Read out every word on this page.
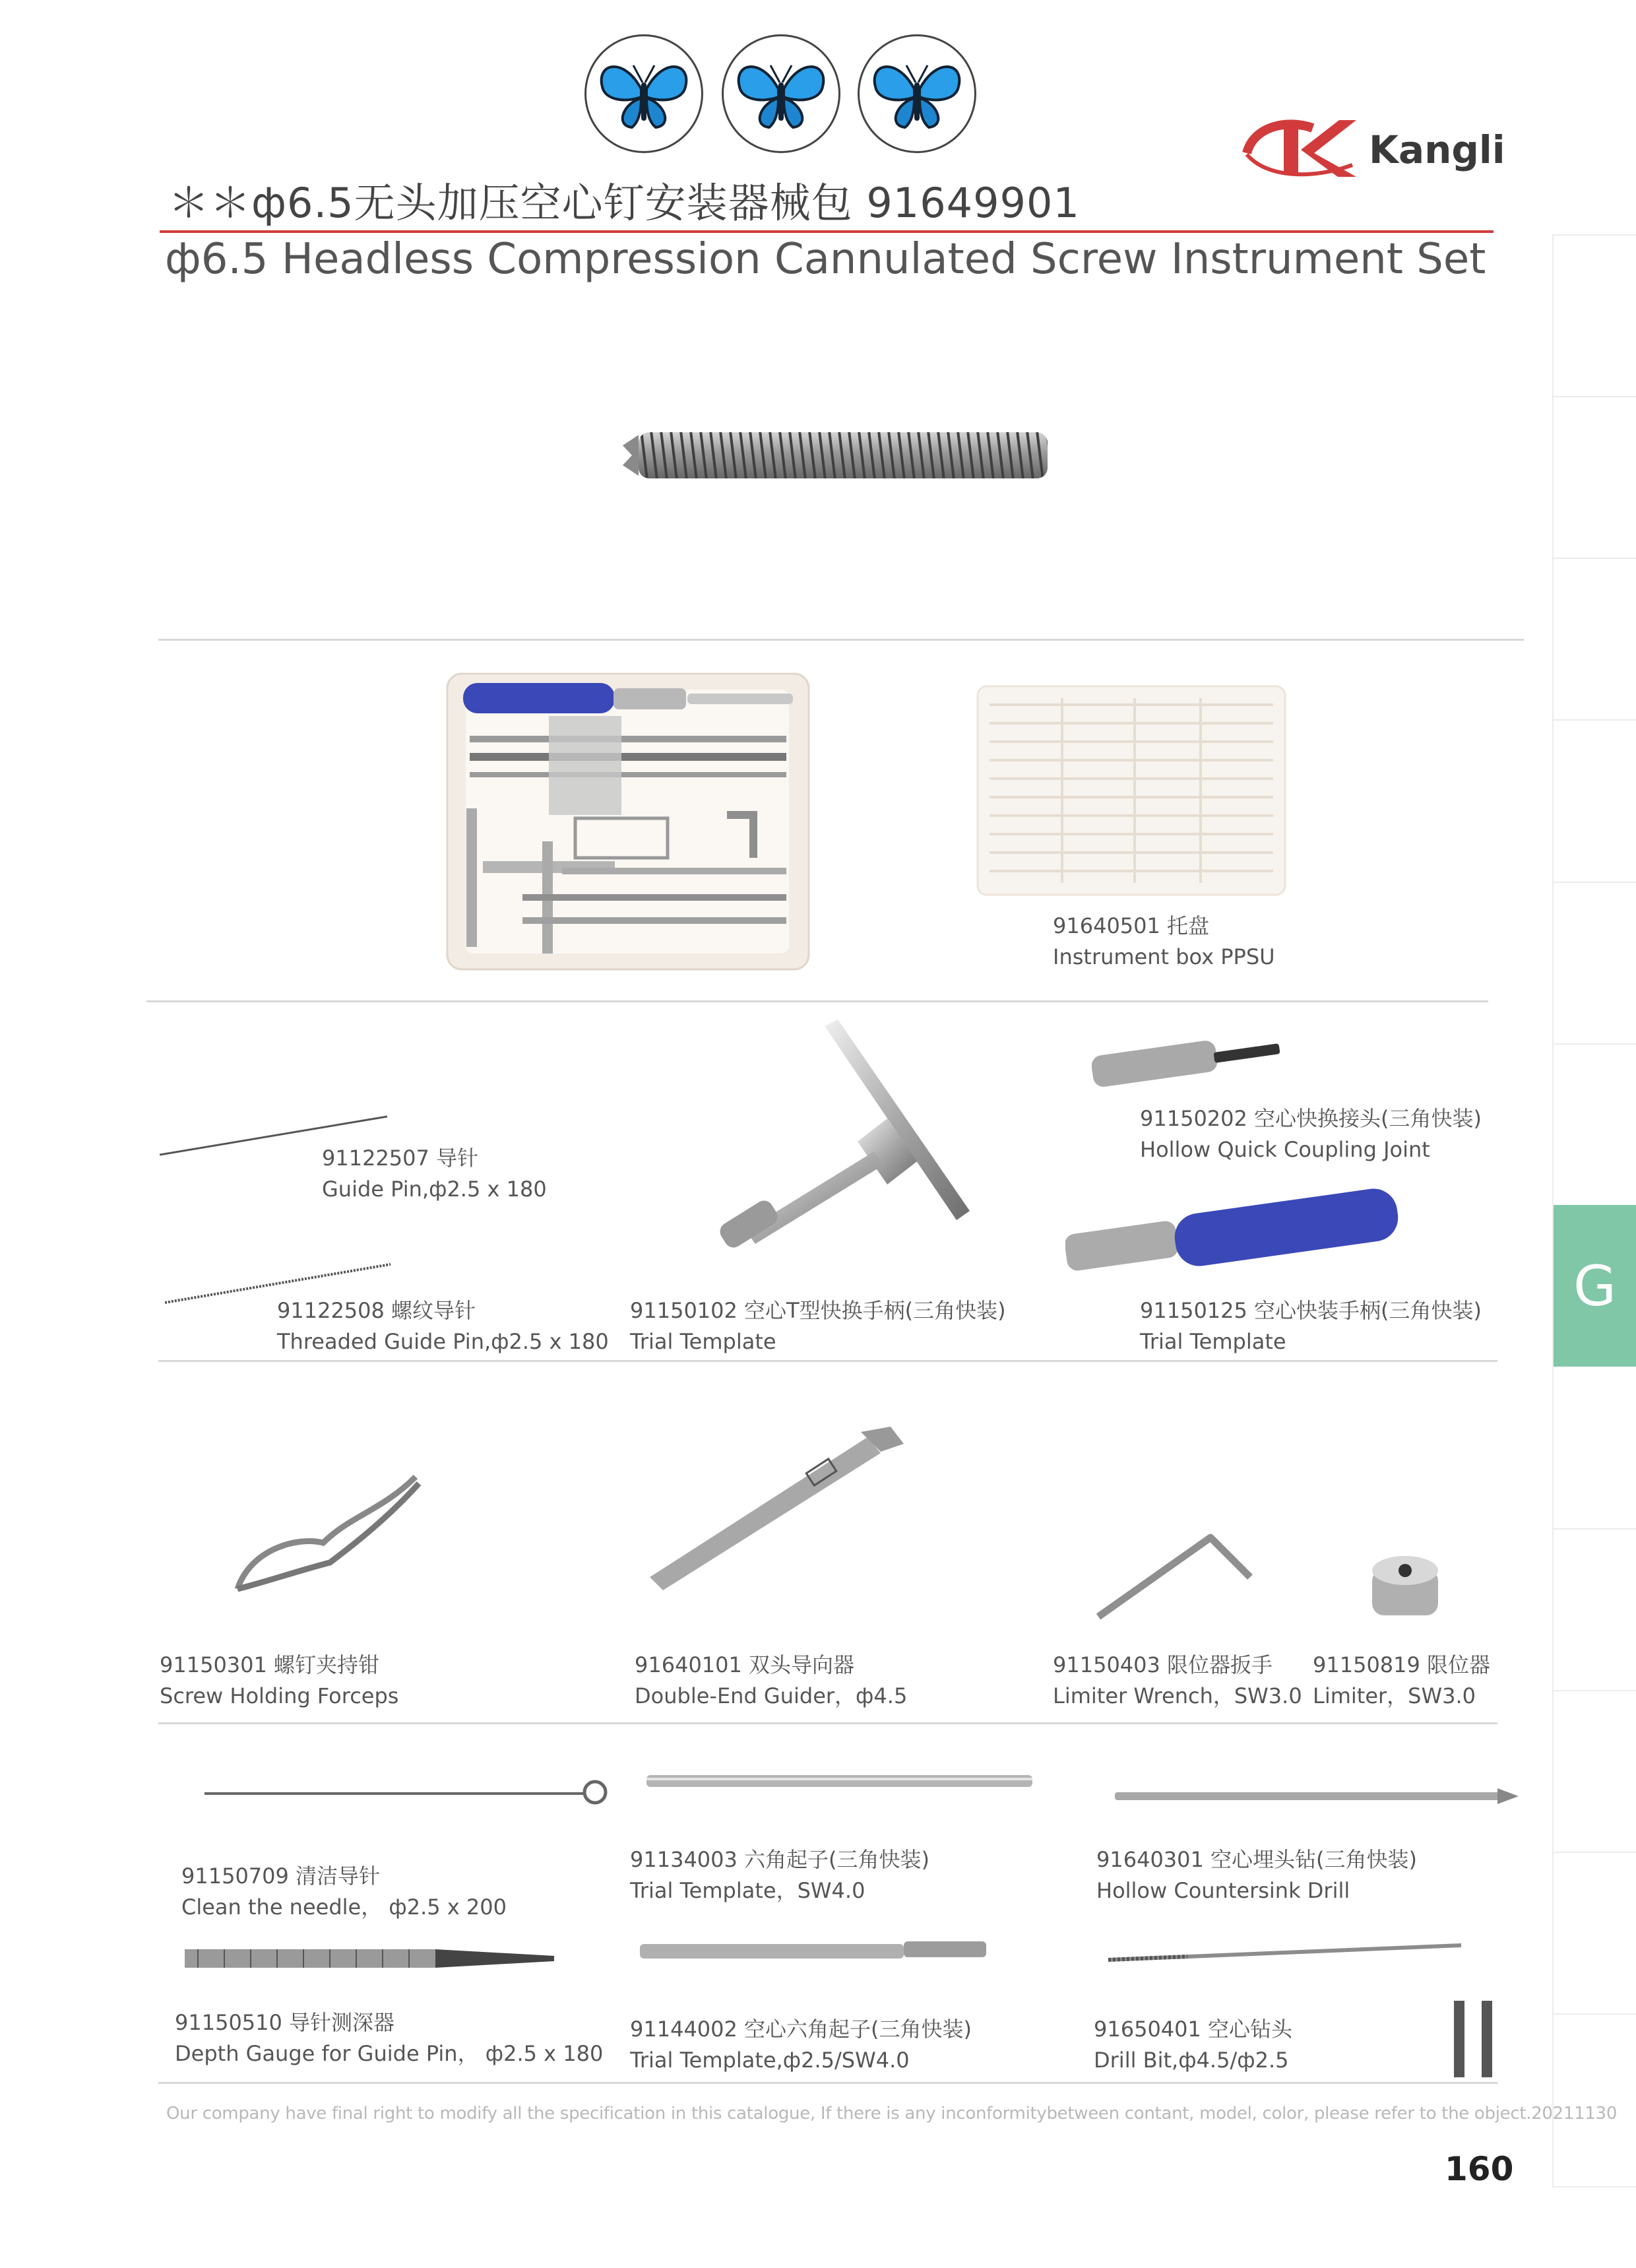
Kangli
＊＊ф6.5无头加压空心钉安装器械包 91649901
ф6.5 Headless Compression Cannulated Screw Instrument Set
G
91640501 托盘
Instrument box PPSU
91122507 导针
Guide Pin,ф2.5 x 180
91122508 螺纹导针
Threaded Guide Pin,ф2.5 x 180
91150102 空心T型快换手柄(三角快装)
Trial Template
91150202 空心快换接头(三角快装)
Hollow Quick Coupling Joint
91150125 空心快装手柄(三角快装)
Trial Template
91150301 螺钉夹持钳
Screw Holding Forceps
91640101 双头导向器
Double-End Guider，ф4.5
91150403 限位器扳手
Limiter Wrench，SW3.0
91150819 限位器
Limiter，SW3.0
91150709 清洁导针
Clean the needle， ф2.5 x 200
91134003 六角起子(三角快装)
Trial Template，SW4.0
91640301 空心埋头钻(三角快装)
Hollow Countersink Drill
91150510 导针测深器
Depth Gauge for Guide Pin， ф2.5 x 180
91144002 空心六角起子(三角快装)
Trial Template,ф2.5/SW4.0
91650401 空心钻头
Drill Bit,ф4.5/ф2.5
Our company have final right to modify all the specification in this catalogue, If there is any inconformitybetween contant, model, color, please refer to the object.20211130
160
